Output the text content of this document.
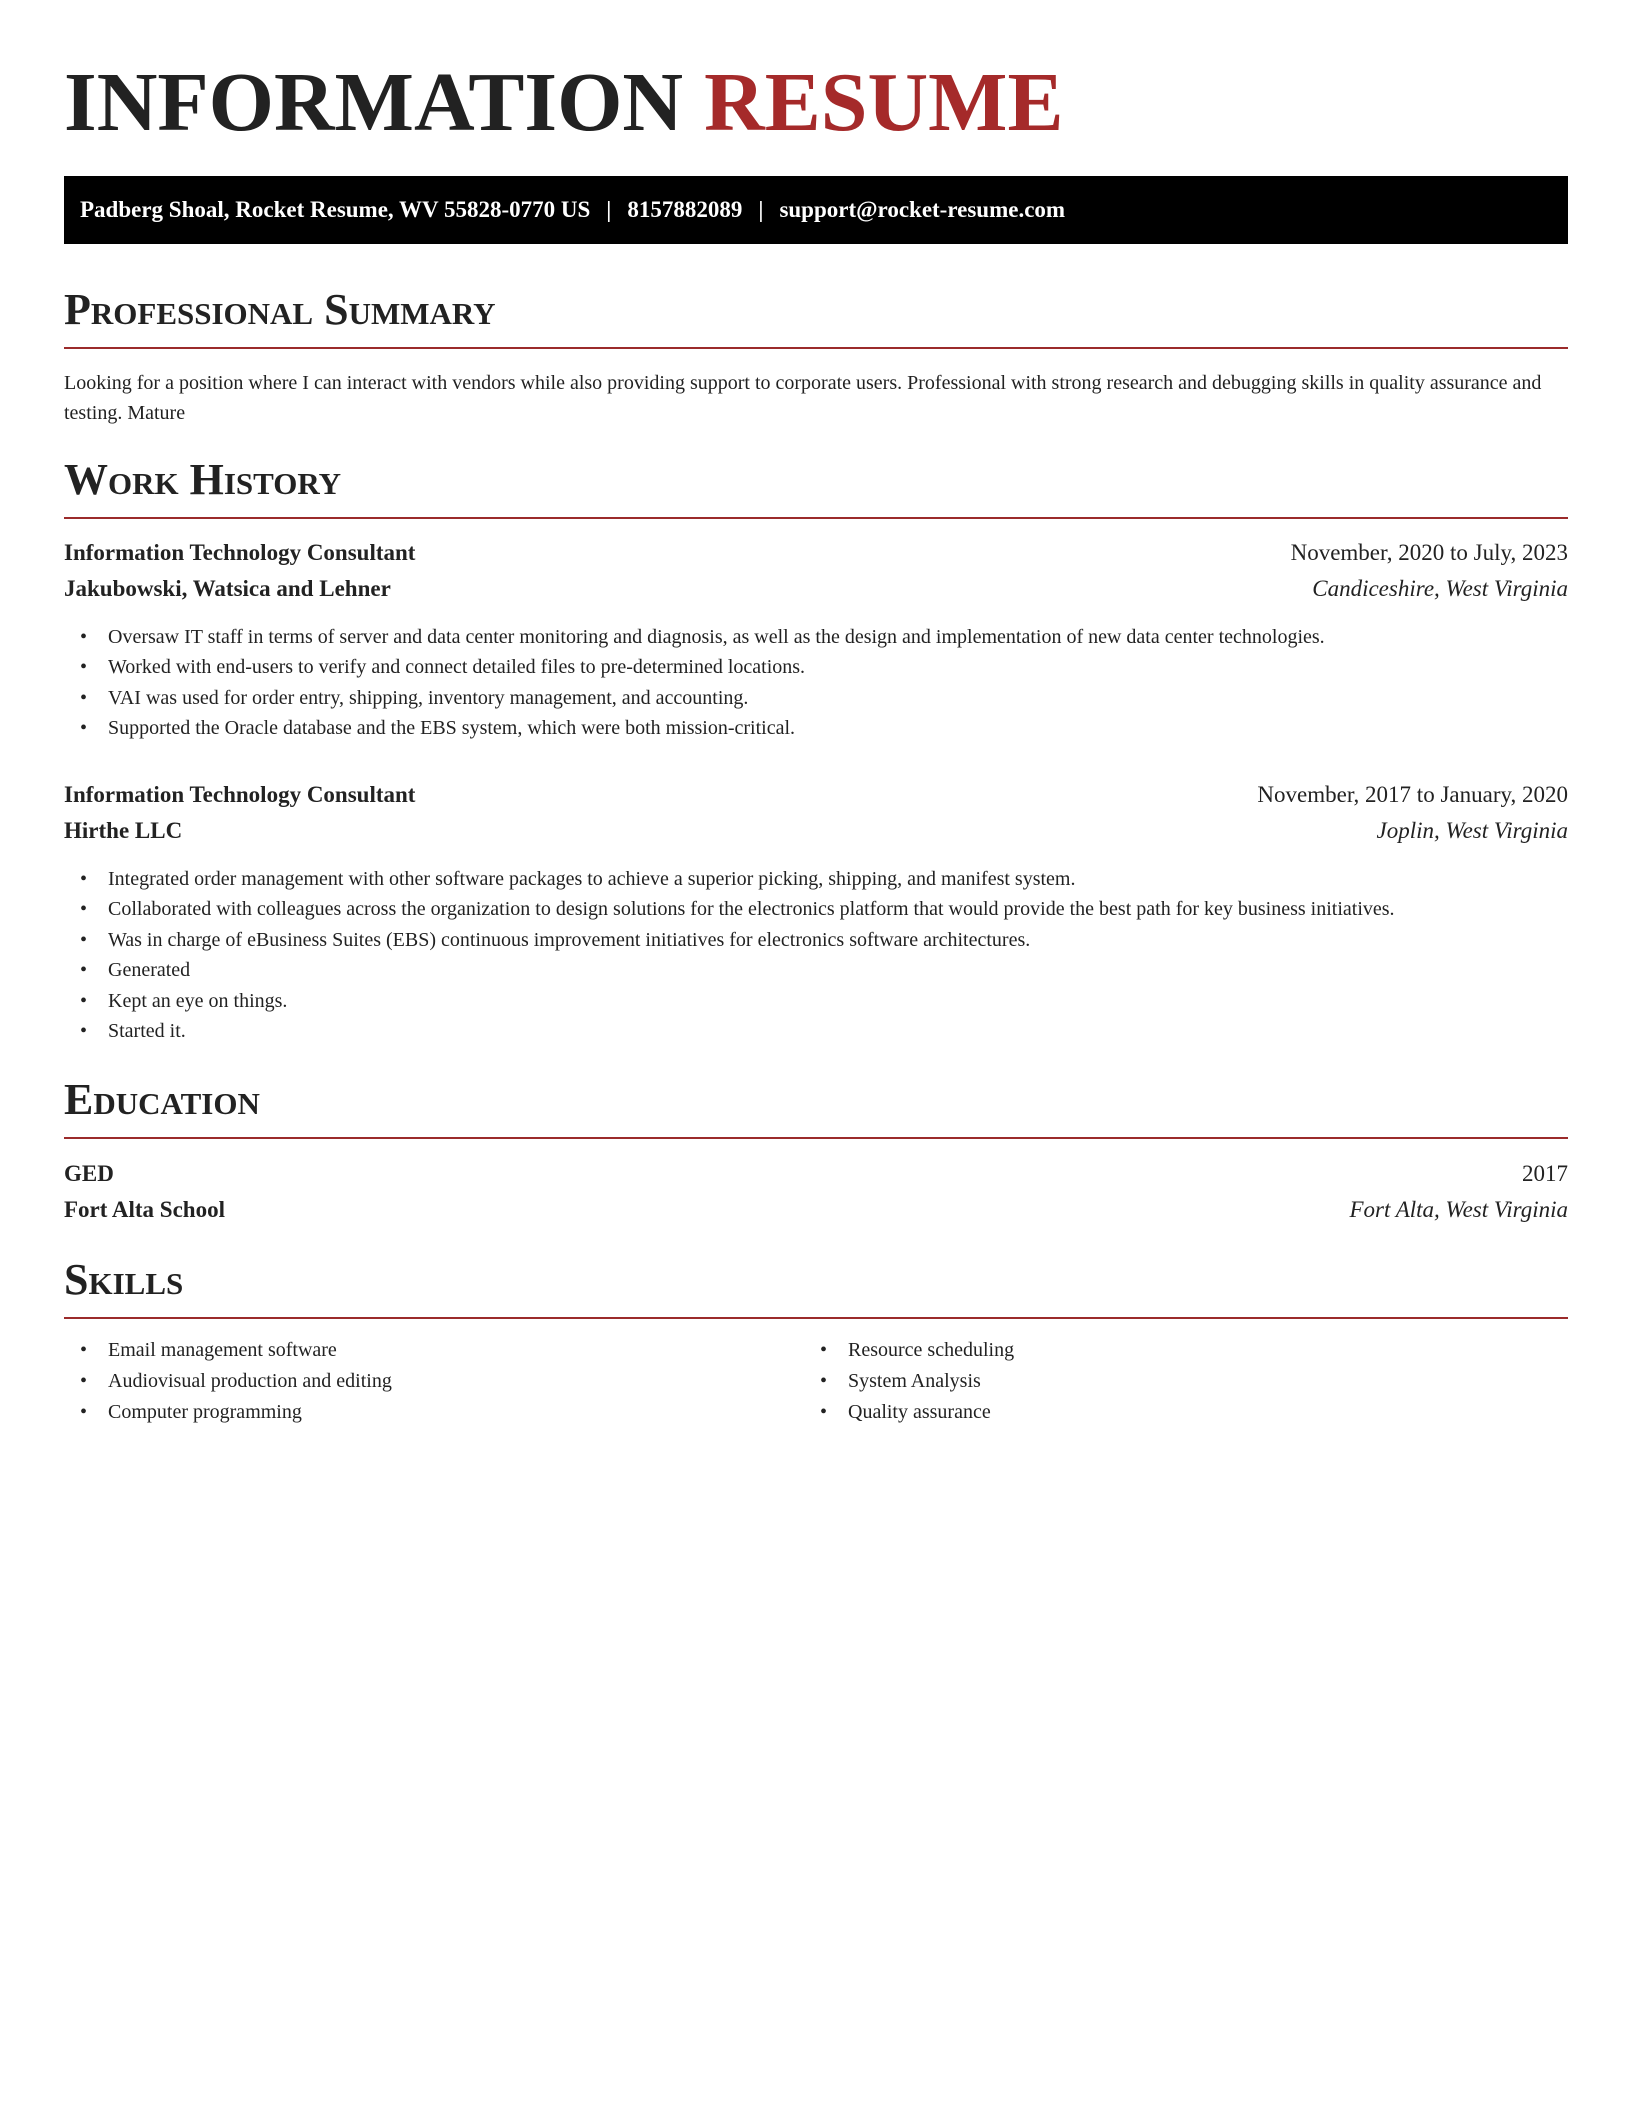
INFORMATION RESUME
Padberg Shoal, Rocket Resume, WV 55828-0770 US | 8157882089 | support@rocket-resume.com
Professional Summary

Looking for a position where I can interact with vendors while also providing support to corporate users. Professional with strong research and debugging skills in quality assurance and testing. Mature

Work History
Information Technology Consultant	November, 2020 to July, 2023
Jakubowski, Watsica and Lehner	Candiceshire, West Virginia
• Oversaw IT staff in terms of server and data center monitoring and diagnosis, as well as the design and implementation of new data center technologies.
• Worked with end-users to verify and connect detailed files to pre-determined locations.
• VAI was used for order entry, shipping, inventory management, and accounting.
• Supported the Oracle database and the EBS system, which were both mission-critical.
Information Technology Consultant	November, 2017 to January, 2020
Hirthe LLC	Joplin, West Virginia
• Integrated order management with other software packages to achieve a superior picking, shipping, and manifest system.
• Collaborated with colleagues across the organization to design solutions for the electronics platform that would provide the best path for key business initiatives.
• Was in charge of eBusiness Suites (EBS) continuous improvement initiatives for electronics software architectures.
• Generated
• Kept an eye on things.
• Started it.
Education
GED	2017
Fort Alta School	Fort Alta, West Virginia
Skills
• Email management software
• Audiovisual production and editing
• Computer programming
• Resource scheduling
• System Analysis
• Quality assurance
